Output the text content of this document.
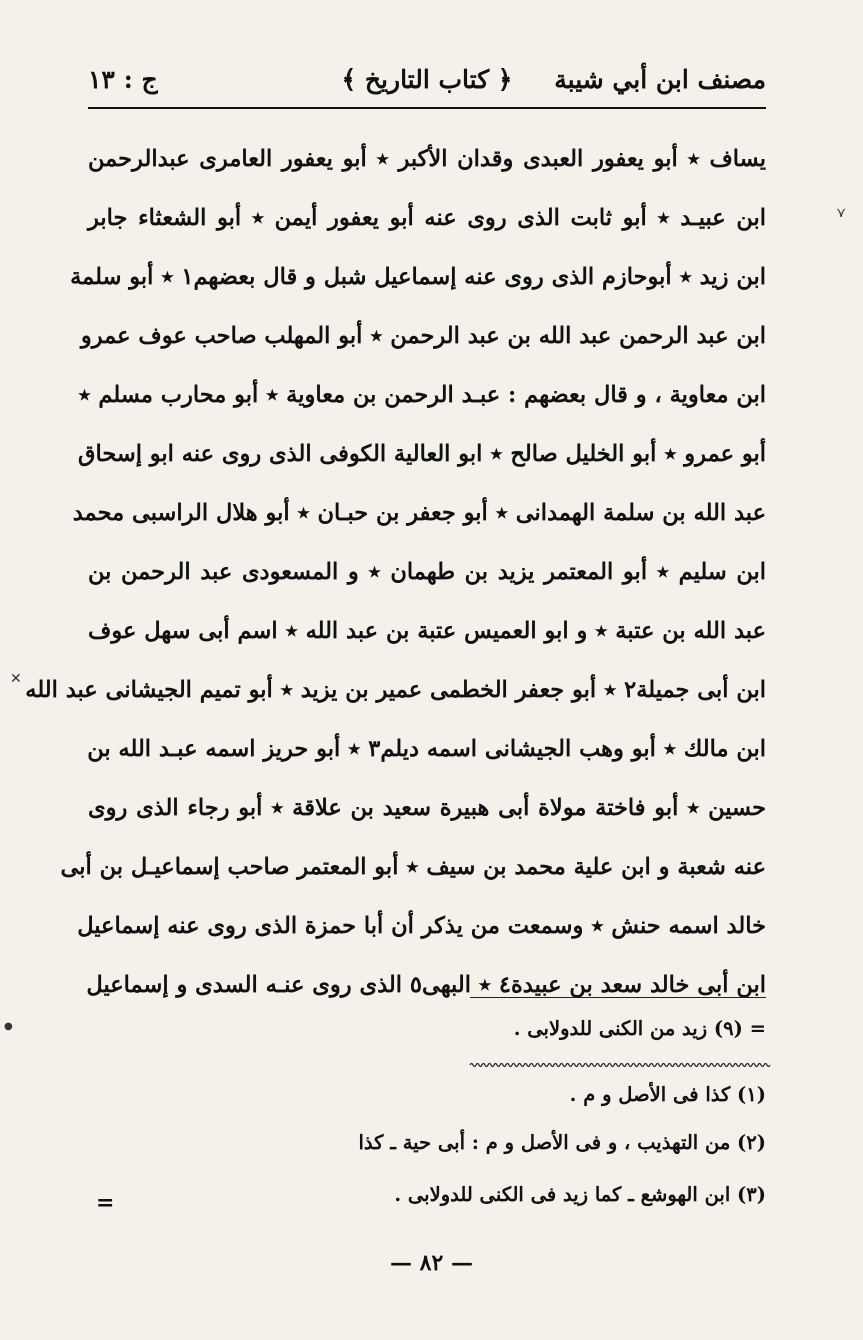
مصنف ابن أبي شيبة
﴿ كتاب التاريخ ﴾
ج : ١٣
يساف ٭ أبو يعفور العبدى وقدان الأكبر ٭ أبو يعفور العامرى عبدالرحمن
ابن عبيـد ٭ أبو ثابت الذى روى عنه أبو يعفور أيمن ٭ أبو الشعثاء جابر
ابن زيد ٭ أبوحازم الذى روى عنه إسماعيل شبل و قال بعضهم١ ٭ أبو سلمة
ابن عبد الرحمن عبد الله بن عبد الرحمن ٭ أبو المهلب صاحب عوف عمرو
ابن معاوية ، و قال بعضهم : عبـد الرحمن بن معاوية ٭ أبو محارب مسلم ٭
أبو عمرو ٭ أبو الخليل صالح ٭ ابو العالية الكوفى الذى روى عنه ابو إسحاق
عبد الله بن سلمة الهمدانى ٭ أبو جعفر بن حبـان ٭ أبو هلال الراسبى محمد
ابن سليم ٭ أبو المعتمر يزيد بن طهمان ٭ و المسعودى عبد الرحمن بن
عبد الله بن عتبة ٭ و ابو العميس عتبة بن عبد الله ٭ اسم أبى سهل عوف
ابن أبى جميلة٢ ٭ أبو جعفر الخطمى عمير بن يزيد ٭ أبو تميم الجيشانى عبد الله
ابن مالك ٭ أبو وهب الجيشانى اسمه ديلم٣ ٭ أبو حريز اسمه عبـد الله بن
حسين ٭ أبو فاختة مولاة أبى هبيرة سعيد بن علاقة ٭ أبو رجاء الذى روى
عنه شعبة و ابن علية محمد بن سيف ٭ أبو المعتمر صاحب إسماعيـل بن أبى
خالد اسمه حنش ٭ وسمعت من يذكر أن أبا حمزة الذى روى عنه إسماعيل
ابن أبى خالد سعد بن عبيدة٤ ٭ البهى٥ الذى روى عنـه السدى و إسماعيل
= (٩) زيد من الكنى للدولابى .
(١) كذا فى الأصل و م .
(٢) من التهذيب ، و فى الأصل و م : أبى حية ـ كذا
(٣) ابن الهوشع ـ كما زيد فى الكنى للدولابى .
=
— ٨٢ —
⋎
✕
●
